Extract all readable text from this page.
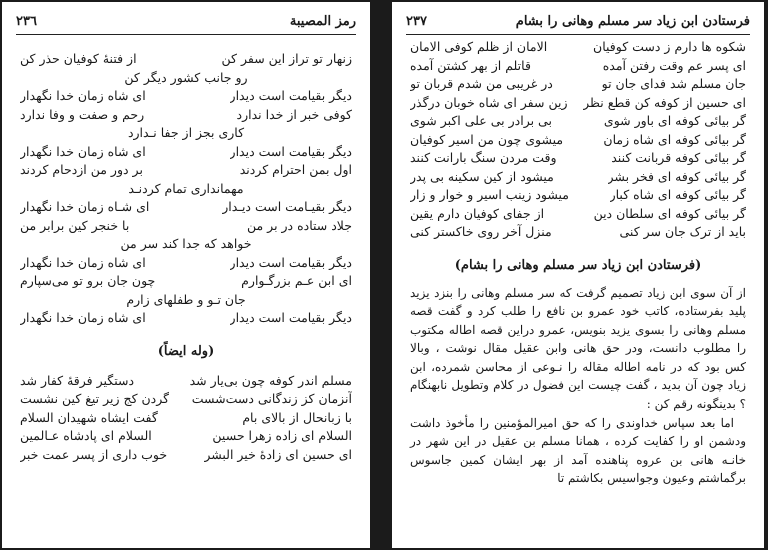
رمز المصيبة
٢٣٦
زنهار تو تراز این سفر کن
از فتنۀ کوفیان حذر کن
رو جانب کشور دیگر کن
دیگر بقیامت است دیدار
ای شاه زمان خدا نگهدار
کوفی خبر از خدا ندارد
رحم و صفت و وفا ندارد
کاری بجز از جفا نـدارد
دیگر بقیامت است دیدار
ای شاه زمان خدا نگهدار
اول بمن احترام کردند
بر دور من ازدحام کردند
مهمانداری تمام کردنـد
دیگر بقیـامت است دیـدار
ای شـاه زمان خدا نگهدار
جلاد ستاده در بر من
با خنجر کین برابر من
خواهد که جدا کند سر من
دیگر بقیامت است دیدار
ای شاه زمان خدا نگهدار
ای ابن عـم بزرگـوارم
چون جان برو تو می‌سپارم
جان تـو و طفلهای زارم
دیگر بقیامت است دیدار
ای شاه زمان خدا نگهدار
(وله ایضاً)
مسلم اندر کوفه چون بی‌یار شد
دستگیر فرقۀ کفار شد
آنزمان کز زندگانی دست‌شست
گردن کج زیر تیغ کین نشست
با زبانحال از بالای بام
گفت ایشاه شهیدان السلام
السلام ای زاده زهرا حسین
السلام ای پادشاه عـالمین
ای حسین ای زادۀ خیر البشر
خوب داری از پسر عمت خبر
فرستادن ابن زیاد سر مسلم وهانی را بشام
٢٣٧
شکوه ها دارم ز دست کوفیان
الامان از ظلم کوفی الامان
ای پسر عم وقت رفتن آمده
قاتلم از بهر کشتن آمده
جان مسلم شد فدای جان تو
در غریبی من شدم قربان تو
ای حسین از کوفه کن قطع نظر
زین سفر ای شاه خوبان درگذر
گر بیائی کوفه ای باور شوی
بی برادر بی علی اکبر شوی
گر بیائی کوفه ای شاه زمان
میشوی چون من اسیر کوفیان
گر بیائی کوفه قربانت کنند
وقت مردن سنگ بارانت کنند
گر بیائی کوفه ای فخر بشر
میشود از کین سکینه بی پدر
گر بیائی کوفه ای شاه کبار
میشود زینب اسیر و خوار و زار
گر بیائی کوفه ای سلطان دین
از جفای کوفیان دارم یقین
باید از ترک جان سر کنی
منزل آخر روی خاکستر کنی
(فرستادن ابن زیاد سر مسلم وهانی را بشام)

از آن سوی ابن زیاد تصمیم گرفت که سر مسلم وهانی را بنزد یزید پلید بفرستاده، کاتب خود عمرو بن نافع را طلب کرد و گفت قصه مسلم وهانی را بسوی یزید بنویس، عمرو دراین قصه اطاله مکتوب را مطلوب دانست، ودر حق هانی وابن عقیل مقال نوشت ، وبالا کس بود که در نامه اطاله مقاله را نـوعی از محاسن شمرده، ابن زیاد چون آن بدید ، گفت چیست این فضول در کلام وتطویل نابهنگام ؟ بدینگونه رقم کن :

اما بعد سپاس خداوندی را که حق امیرالمؤمنین را مأخوذ داشت ودشمن او را کفایت کرده ، همانا مسلم بن عقیل در این شهر در خانـه هانی بن عروه پناهنده آمد از بهر ایشان کمین جاسوس برگماشتم وعیون وجواسیس بکاشتم تا
